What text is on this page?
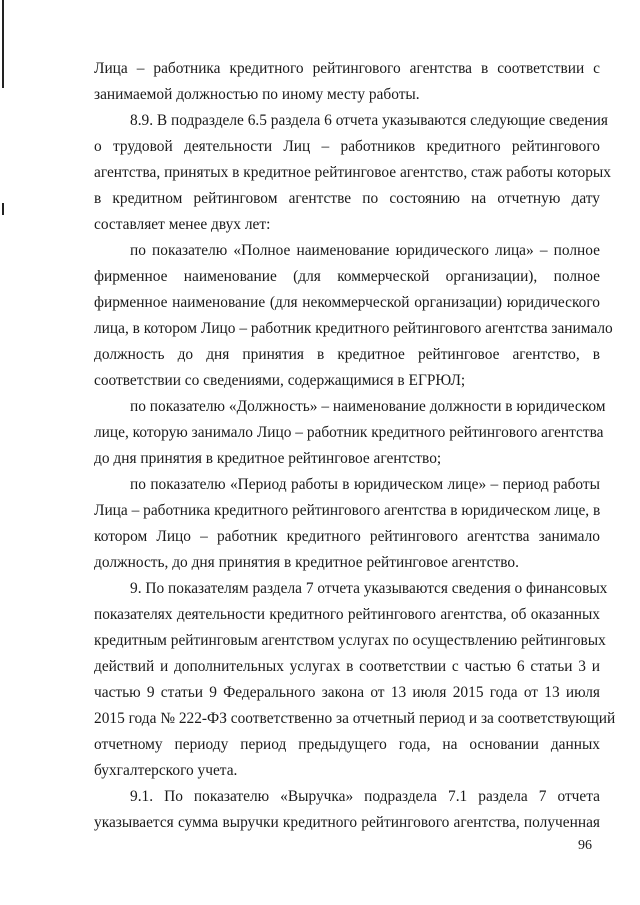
Лица – работника кредитного рейтингового агентства в соответствии с
занимаемой должностью по иному месту работы.
8.9. В подразделе 6.5 раздела 6 отчета указываются следующие сведения
о трудовой деятельности Лиц – работников кредитного рейтингового
агентства, принятых в кредитное рейтинговое агентство, стаж работы которых
в кредитном рейтинговом агентстве по состоянию на отчетную дату
составляет менее двух лет:
по показателю «Полное наименование юридического лица» – полное
фирменное наименование (для коммерческой организации), полное
фирменное наименование (для некоммерческой организации) юридического
лица, в котором Лицо – работник кредитного рейтингового агентства занимало
должность до дня принятия в кредитное рейтинговое агентство, в
соответствии со сведениями, содержащимися в ЕГРЮЛ;
по показателю «Должность» – наименование должности в юридическом
лице, которую занимало Лицо – работник кредитного рейтингового агентства
до дня принятия в кредитное рейтинговое агентство;
по показателю «Период работы в юридическом лице» – период работы
Лица – работника кредитного рейтингового агентства в юридическом лице, в
котором Лицо – работник кредитного рейтингового агентства занимало
должность, до дня принятия в кредитное рейтинговое агентство.
9. По показателям раздела 7 отчета указываются сведения о финансовых
показателях деятельности кредитного рейтингового агентства, об оказанных
кредитным рейтинговым агентством услугах по осуществлению рейтинговых
действий и дополнительных услугах в соответствии с частью 6 статьи 3 и
частью 9 статьи 9 Федерального закона от 13 июля 2015 года от 13 июля
2015 года № 222-ФЗ соответственно за отчетный период и за соответствующий
отчетному периоду период предыдущего года, на основании данных
бухгалтерского учета.
9.1. По показателю «Выручка» подраздела 7.1 раздела 7 отчета
указывается сумма выручки кредитного рейтингового агентства, полученная
96
